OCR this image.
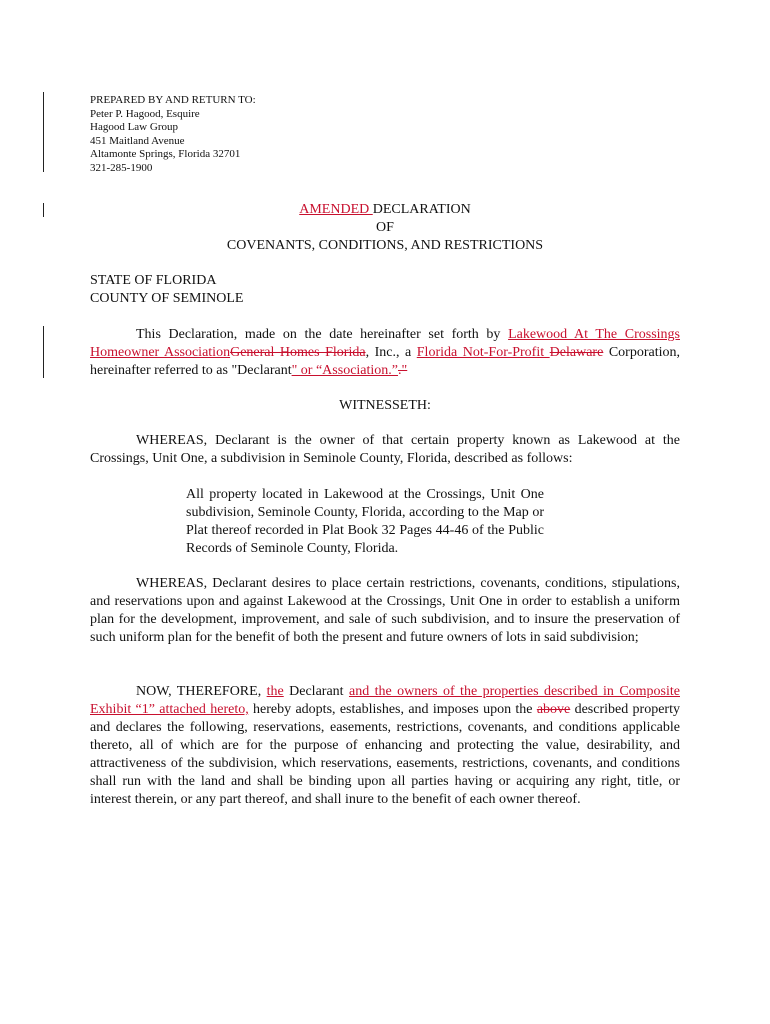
PREPARED BY AND RETURN TO:
Peter P. Hagood, Esquire
Hagood Law Group
451 Maitland Avenue
Altamonte Springs, Florida 32701
321-285-1900
AMENDED DECLARATION
OF
COVENANTS, CONDITIONS, AND RESTRICTIONS
STATE OF FLORIDA
COUNTY OF SEMINOLE

This Declaration, made on the date hereinafter set forth by Lakewood At The Crossings Homeowner AssociationGeneral Homes Florida, Inc., a Florida Not-For-Profit Delaware Corporation, hereinafter referred to as "Declarant" or “Association.”."

WITNESSETH:

WHEREAS, Declarant is the owner of that certain property known as Lakewood at the Crossings, Unit One, a subdivision in Seminole County, Florida, described as follows:

All property located in Lakewood at the Crossings, Unit One subdivision, Seminole County, Florida, according to the Map or Plat thereof recorded in Plat Book 32 Pages 44-46 of the Public Records of Seminole County, Florida.

WHEREAS, Declarant desires to place certain restrictions, covenants, conditions, stipulations, and reservations upon and against Lakewood at the Crossings, Unit One in order to establish a uniform plan for the development, improvement, and sale of such subdivision, and to insure the preservation of such uniform plan for the benefit of both the present and future owners of lots in said subdivision;

NOW, THEREFORE, the Declarant and the owners of the properties described in Composite Exhibit “1” attached hereto, hereby adopts, establishes, and imposes upon the above described property and declares the following, reservations, easements, restrictions, covenants, and conditions applicable thereto, all of which are for the purpose of enhancing and protecting the value, desirability, and attractiveness of the subdivision, which reservations, easements, restrictions, covenants, and conditions shall run with the land and shall be binding upon all parties having or acquiring any right, title, or interest therein, or any part thereof, and shall inure to the benefit of each owner thereof.
